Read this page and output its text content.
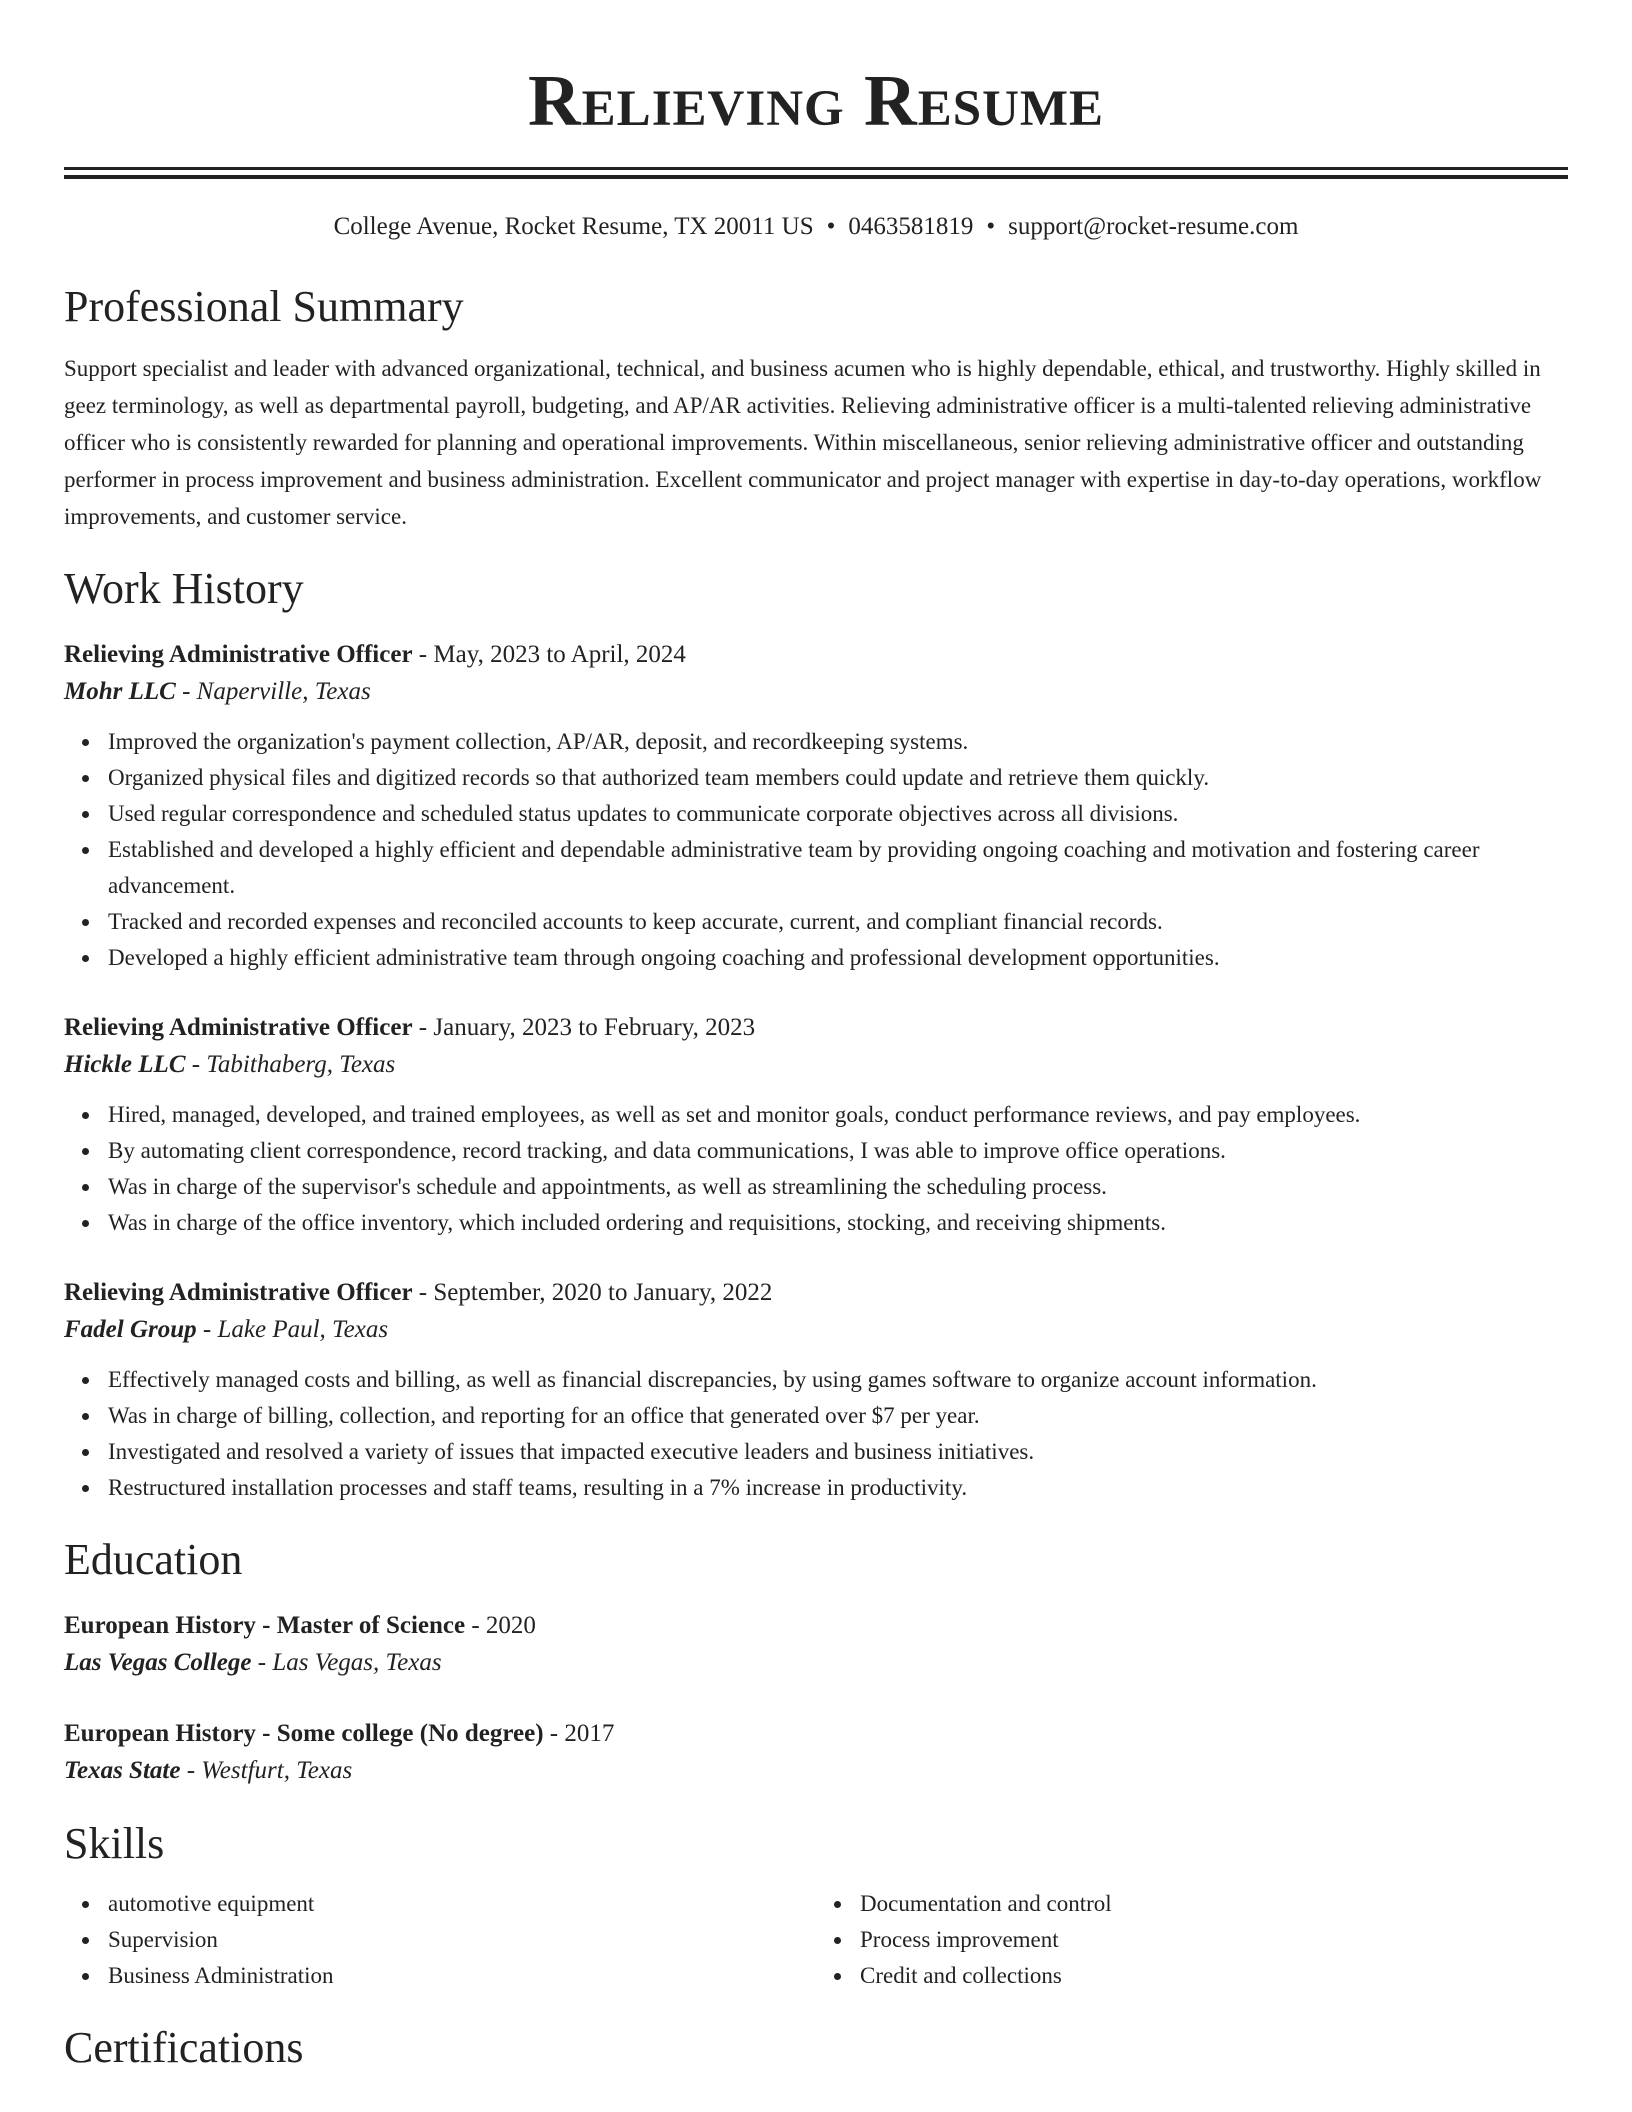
Relieving Resume
College Avenue, Rocket Resume, TX 20011 US • 0463581819 • support@rocket-resume.com
Professional Summary

Support specialist and leader with advanced organizational, technical, and business acumen who is highly dependable, ethical, and trustworthy. Highly skilled in geez terminology, as well as departmental payroll, budgeting, and AP/AR activities. Relieving administrative officer is a multi-talented relieving administrative officer who is consistently rewarded for planning and operational improvements. Within miscellaneous, senior relieving administrative officer and outstanding performer in process improvement and business administration. Excellent communicator and project manager with expertise in day-to-day operations, workflow improvements, and customer service.

Work History

Relieving Administrative Officer - May, 2023 to April, 2024

Mohr LLC - Naperville, Texas

Improved the organization's payment collection, AP/AR, deposit, and recordkeeping systems.
Organized physical files and digitized records so that authorized team members could update and retrieve them quickly.
Used regular correspondence and scheduled status updates to communicate corporate objectives across all divisions.
Established and developed a highly efficient and dependable administrative team by providing ongoing coaching and motivation and fostering career advancement.
Tracked and recorded expenses and reconciled accounts to keep accurate, current, and compliant financial records.
Developed a highly efficient administrative team through ongoing coaching and professional development opportunities.

Relieving Administrative Officer - January, 2023 to February, 2023

Hickle LLC - Tabithaberg, Texas

Hired, managed, developed, and trained employees, as well as set and monitor goals, conduct performance reviews, and pay employees.
By automating client correspondence, record tracking, and data communications, I was able to improve office operations.
Was in charge of the supervisor's schedule and appointments, as well as streamlining the scheduling process.
Was in charge of the office inventory, which included ordering and requisitions, stocking, and receiving shipments.

Relieving Administrative Officer - September, 2020 to January, 2022

Fadel Group - Lake Paul, Texas

Effectively managed costs and billing, as well as financial discrepancies, by using games software to organize account information.
Was in charge of billing, collection, and reporting for an office that generated over $7 per year.
Investigated and resolved a variety of issues that impacted executive leaders and business initiatives.
Restructured installation processes and staff teams, resulting in a 7% increase in productivity.
Education

European History - Master of Science - 2020

Las Vegas College - Las Vegas, Texas

European History - Some college (No degree) - 2017

Texas State - Westfurt, Texas

Skills
automotive equipment
Supervision
Business Administration
Documentation and control
Process improvement
Credit and collections
Certifications
